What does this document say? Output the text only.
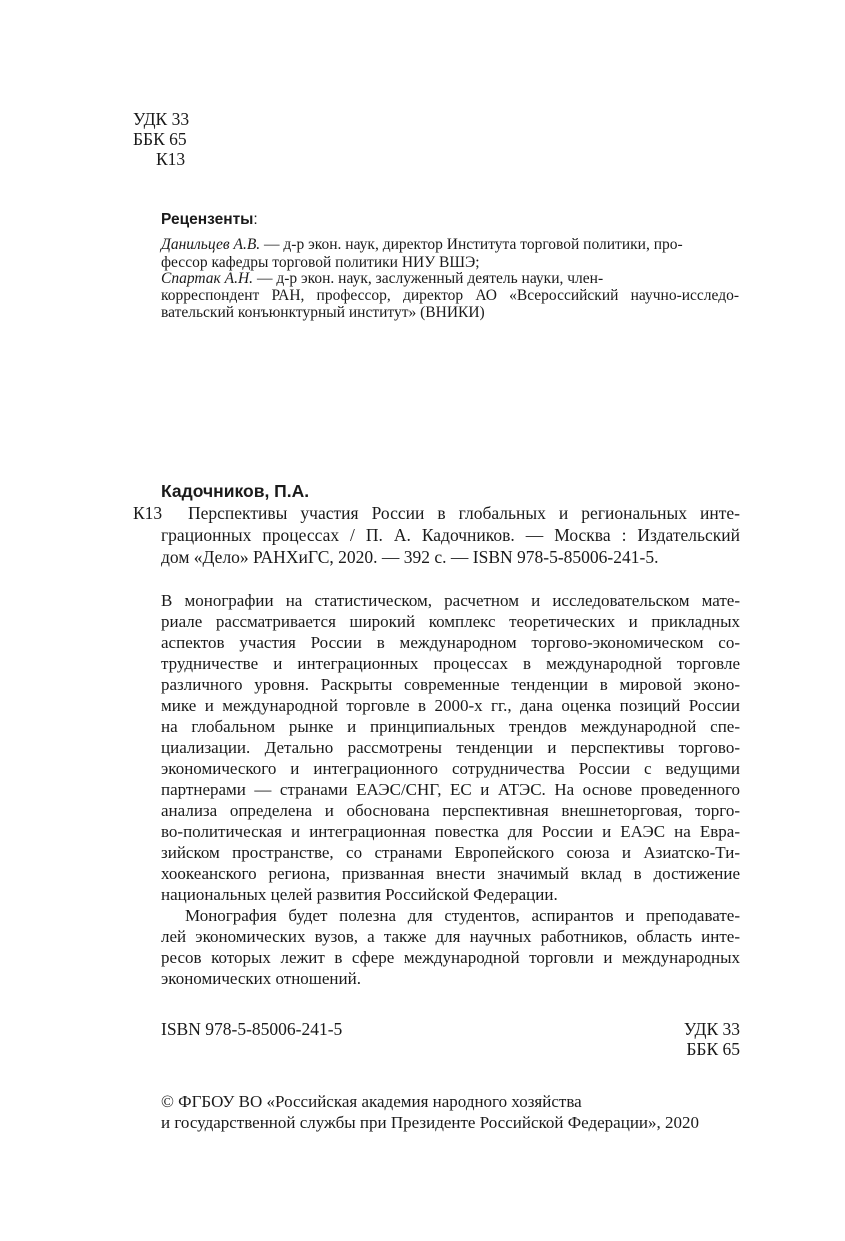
УДК 33
ББК 65
К13
Рецензенты:
Данильцев А.В. — д-р экон. наук, директор Института торговой политики, про-
фессор кафедры торговой политики НИУ ВШЭ;
Спартак А.Н. — д-р экон. наук, заслуженный деятель науки, член-
корреспондент РАН, профессор, директор АО «Всероссийский научно-исследо-
вательский конъюнктурный институт» (ВНИКИ)
Кадочников, П.А.
К13 Перспективы участия России в глобальных и региональных инте-
грационных процессах / П. А. Кадочников. — Москва : Издательский
дом «Дело» РАНХиГС, 2020. — 392 с. — ISBN 978-5-85006-241-5.
В монографии на статистическом, расчетном и исследовательском мате-
риале рассматривается широкий комплекс теоретических и прикладных
аспектов участия России в международном торгово-экономическом со-
трудничестве и интеграционных процессах в международной торговле
различного уровня. Раскрыты современные тенденции в мировой эконо-
мике и международной торговле в 2000-х гг., дана оценка позиций России
на глобальном рынке и принципиальных трендов международной спе-
циализации. Детально рассмотрены тенденции и перспективы торгово-
экономического и интеграционного сотрудничества России с ведущими
партнерами — странами ЕАЭС/СНГ, ЕС и АТЭС. На основе проведенного
анализа определена и обоснована перспективная внешнеторговая, торго-
во-политическая и интеграционная повестка для России и ЕАЭС на Евра-
зийском пространстве, со странами Европейского союза и Азиатско-Ти-
хоокеанского региона, призванная внести значимый вклад в достижение
национальных целей развития Российской Федерации.
Монография будет полезна для студентов, аспирантов и преподавате-
лей экономических вузов, а также для научных работников, область инте-
ресов которых лежит в сфере международной торговли и международных
экономических отношений.
ISBN 978-5-85006-241-5	УДК 33
ББК 65
© ФГБОУ ВО «Российская академия народного хозяйства
и государственной службы при Президенте Российской Федерации», 2020
